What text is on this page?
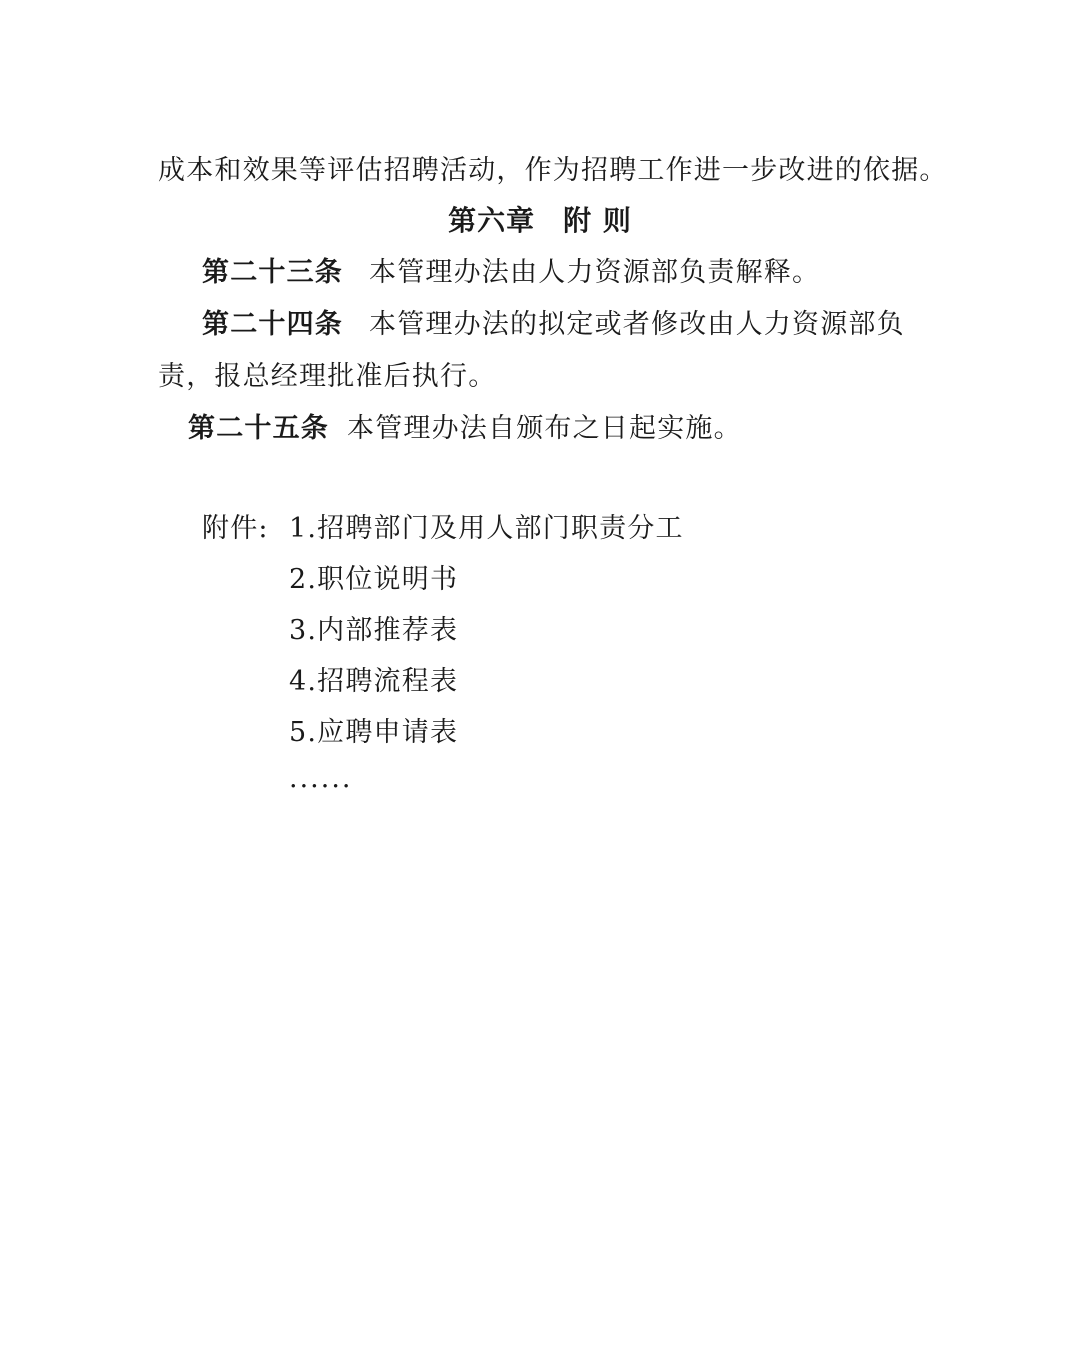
成本和效果等评估招聘活动，作为招聘工作进一步改进的依据。
第六章 附 则
第二十三条 本管理办法由人力资源部负责解释。
第二十四条 本管理办法的拟定或者修改由人力资源部负
责，报总经理批准后执行。
第二十五条 本管理办法自颁布之日起实施。
附件: 1.招聘部门及用人部门职责分工
2.职位说明书
3.内部推荐表
4.招聘流程表
5.应聘申请表
······
